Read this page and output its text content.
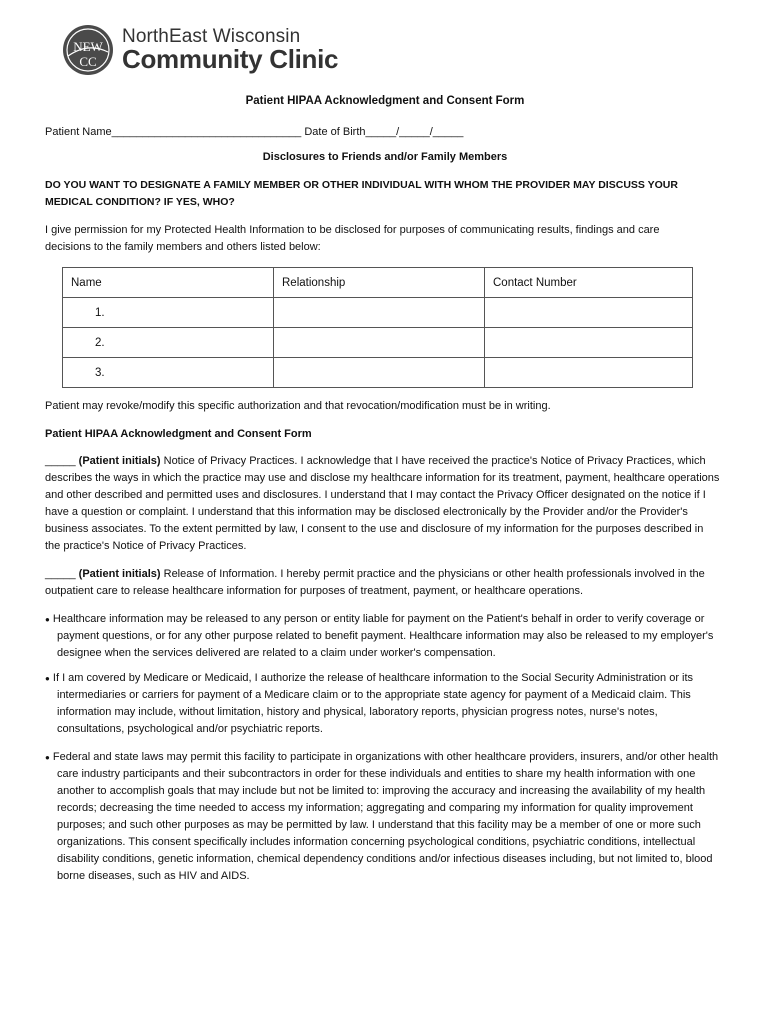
NEW
CC
NorthEast Wisconsin
Community Clinic
Patient HIPAA Acknowledgment and Consent Form
Patient Name_______________________________ Date of Birth_____/_____/_____
Disclosures to Friends and/or Family Members
DO YOU WANT TO DESIGNATE A FAMILY MEMBER OR OTHER INDIVIDUAL WITH WHOM THE PROVIDER MAY DISCUSS YOUR MEDICAL CONDITION? IF YES, WHO?
I give permission for my Protected Health Information to be disclosed for purposes of communicating results, findings and care decisions to the family members and others listed below:
Name	Relationship	Contact Number
1.		
2.		
3.		
Patient may revoke/modify this specific authorization and that revocation/modification must be in writing.
Patient HIPAA Acknowledgment and Consent Form
_____ (Patient initials) Notice of Privacy Practices. I acknowledge that I have received the practice's Notice of Privacy Practices, which describes the ways in which the practice may use and disclose my healthcare information for its treatment, payment, healthcare operations and other described and permitted uses and disclosures. I understand that I may contact the Privacy Officer designated on the notice if I have a question or complaint. I understand that this information may be disclosed electronically by the Provider and/or the Provider's business associates. To the extent permitted by law, I consent to the use and disclosure of my information for the purposes described in the practice's Notice of Privacy Practices.
_____ (Patient initials) Release of Information. I hereby permit practice and the physicians or other health professionals involved in the outpatient care to release healthcare information for purposes of treatment, payment, or healthcare operations.
● Healthcare information may be released to any person or entity liable for payment on the Patient's behalf in order to verify coverage or payment questions, or for any other purpose related to benefit payment. Healthcare information may also be released to my employer's designee when the services delivered are related to a claim under worker's compensation.
● If I am covered by Medicare or Medicaid, I authorize the release of healthcare information to the Social Security Administration or its intermediaries or carriers for payment of a Medicare claim or to the appropriate state agency for payment of a Medicaid claim. This information may include, without limitation, history and physical, laboratory reports, physician progress notes, nurse's notes, consultations, psychological and/or psychiatric reports.
● Federal and state laws may permit this facility to participate in organizations with other healthcare providers, insurers, and/or other health care industry participants and their subcontractors in order for these individuals and entities to share my health information with one another to accomplish goals that may include but not be limited to: improving the accuracy and increasing the availability of my health records; decreasing the time needed to access my information; aggregating and comparing my information for quality improvement purposes; and such other purposes as may be permitted by law. I understand that this facility may be a member of one or more such organizations. This consent specifically includes information concerning psychological conditions, psychiatric conditions, intellectual disability conditions, genetic information, chemical dependency conditions and/or infectious diseases including, but not limited to, blood borne diseases, such as HIV and AIDS.
